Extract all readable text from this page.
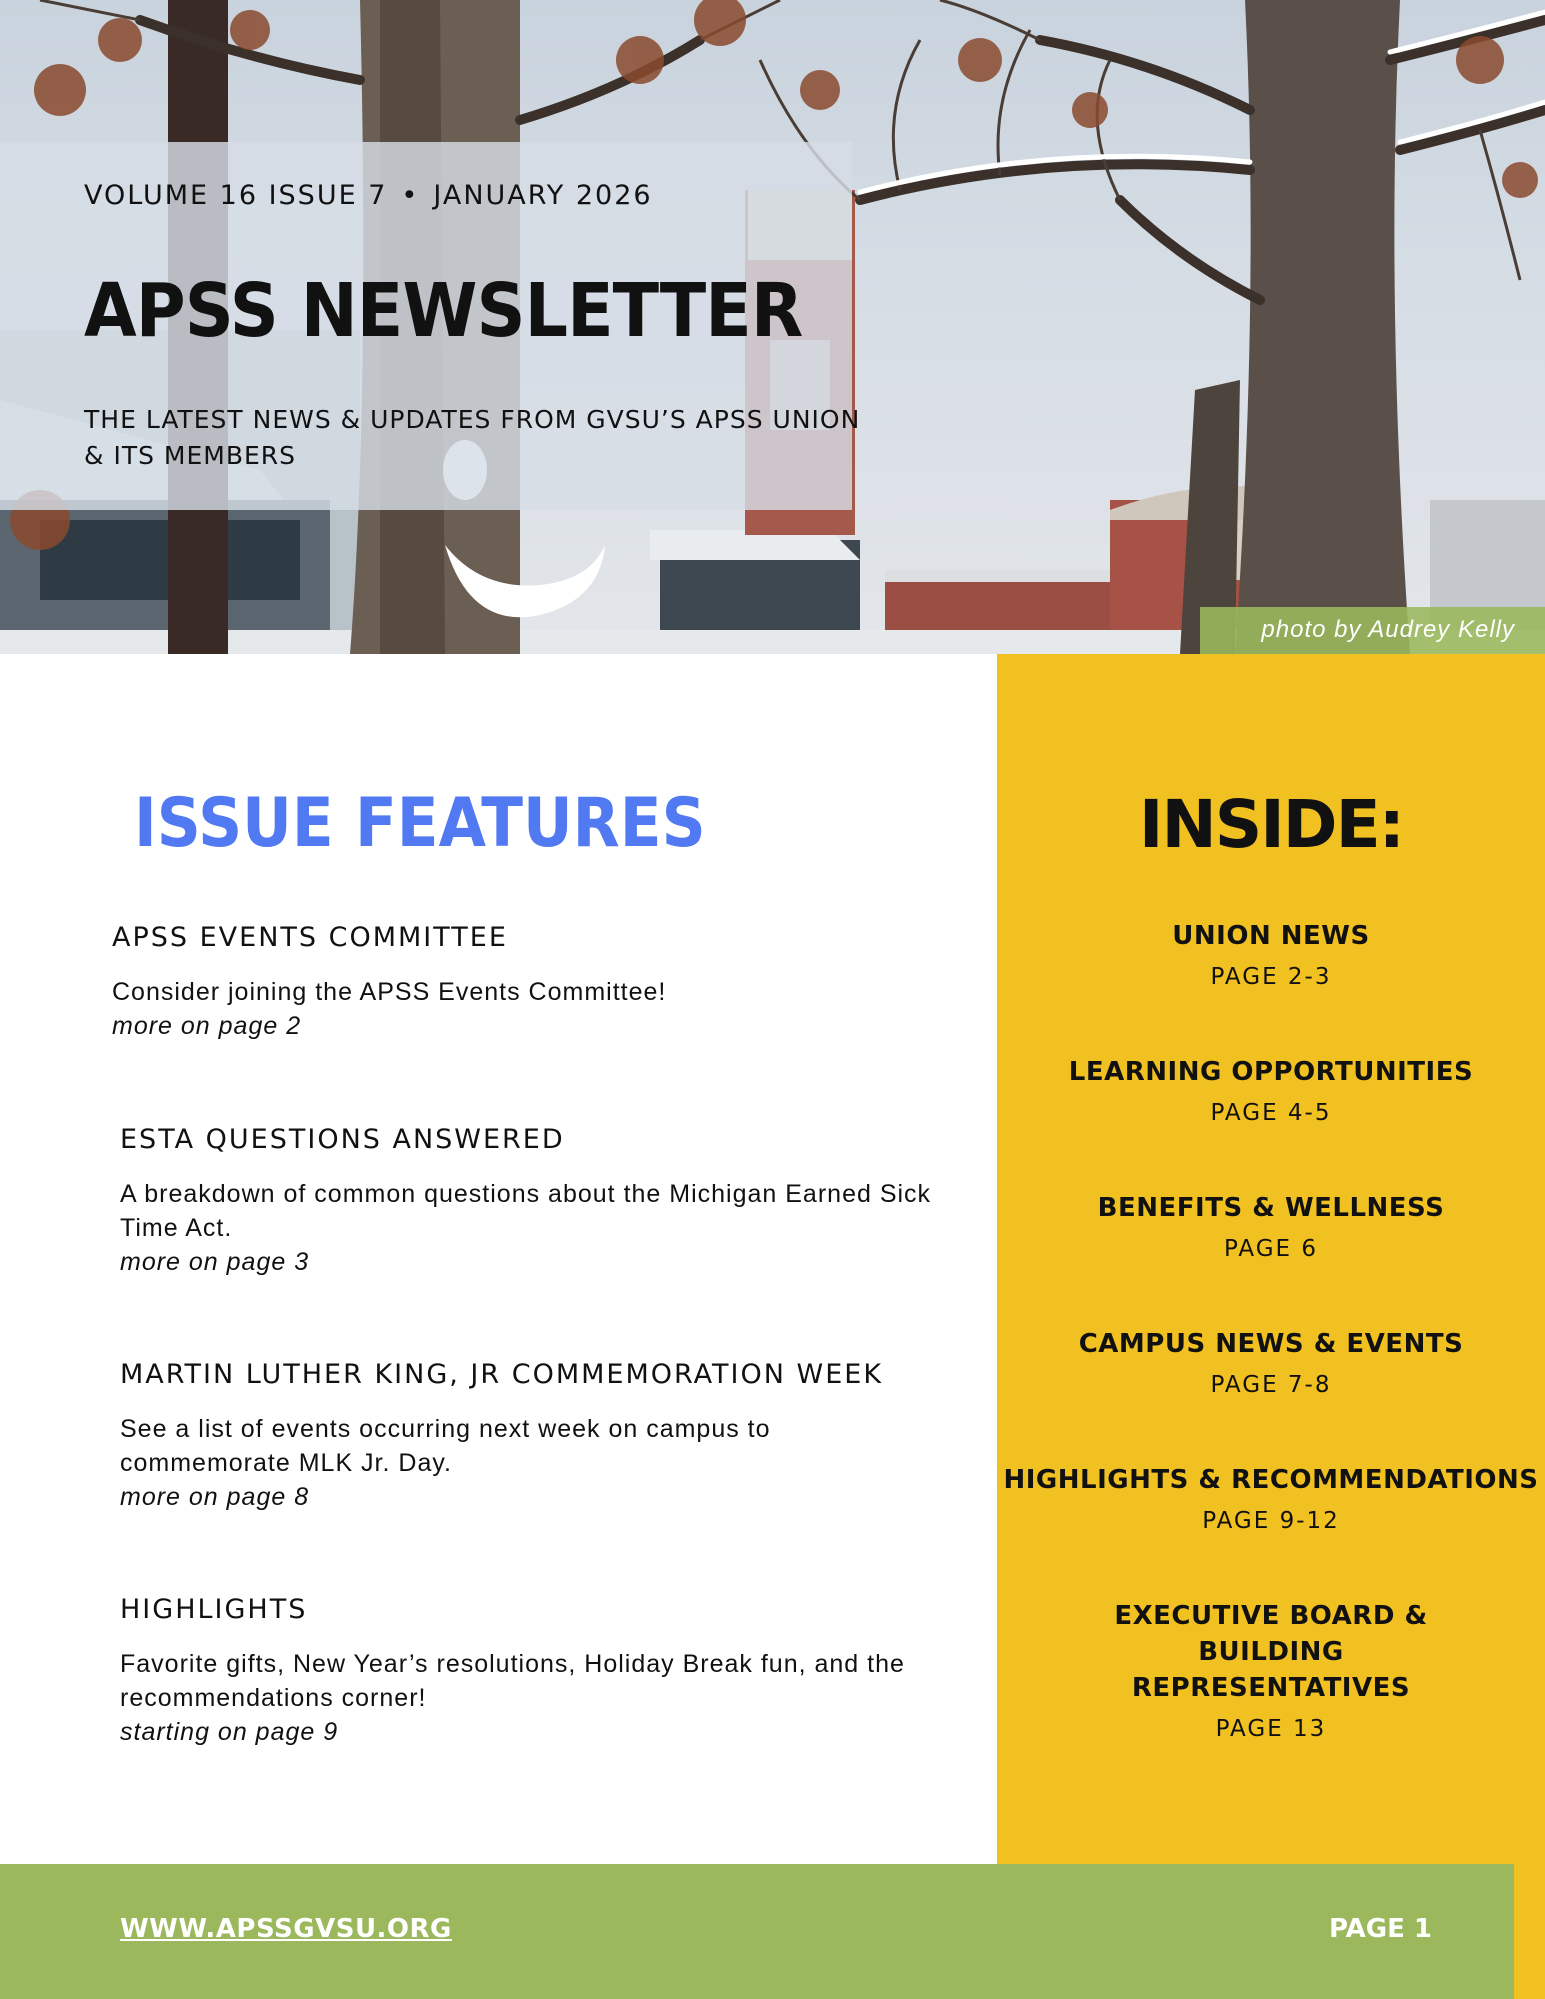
VOLUME 16 ISSUE 7 • JANUARY 2026
APSS NEWSLETTER
THE LATEST NEWS & UPDATES FROM GVSU’S APSS UNION & ITS MEMBERS
photo by Audrey Kelly
ISSUE FEATURES
APSS EVENTS COMMITTEE

Consider joining the APSS Events Committee!

more on page 2

ESTA QUESTIONS ANSWERED

A breakdown of common questions about the Michigan Earned Sick Time Act.

more on page 3

MARTIN LUTHER KING, JR COMMEMORATION WEEK

See a list of events occurring next week on campus to commemorate MLK Jr. Day.

more on page 8

HIGHLIGHTS

Favorite gifts, New Year’s resolutions, Holiday Break fun, and the recommendations corner!

starting on page 9

INSIDE:
UNION NEWS
PAGE 2-3
LEARNING OPPORTUNITIES
PAGE 4-5
BENEFITS & WELLNESS
PAGE 6
CAMPUS NEWS & EVENTS
PAGE 7-8
HIGHLIGHTS & RECOMMENDATIONS
PAGE 9-12
EXECUTIVE BOARD & BUILDING REPRESENTATIVES
PAGE 13
WWW.APSSGVSU.ORG	PAGE 1
